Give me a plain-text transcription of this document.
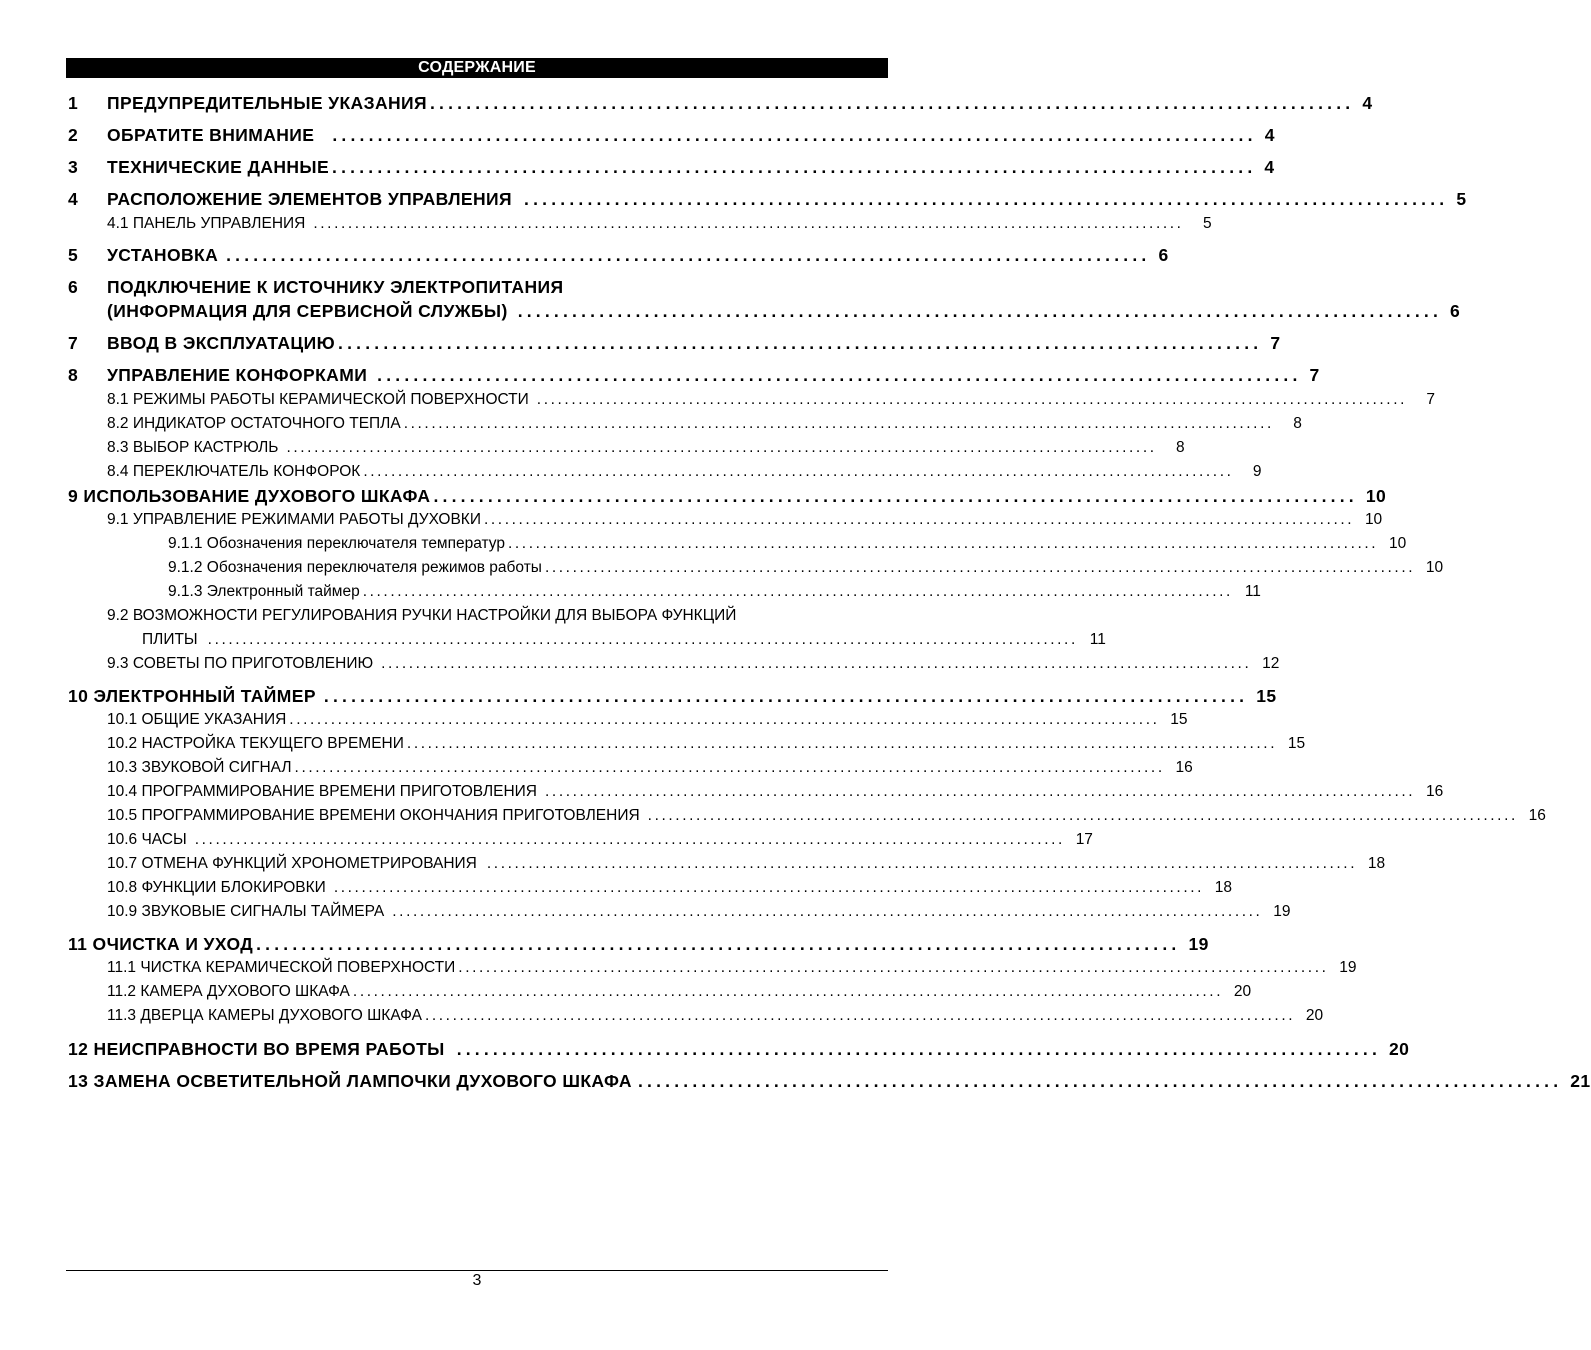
СОДЕРЖАНИЕ
1	ПРЕДУПРЕДИТЕЛЬНЫЕ УКАЗАНИЯ ...................................................................................................... 4
2	ОБРАТИТЕ ВНИМАНИЕ	...................................................................................................... 4
3	ТЕХНИЧЕСКИЕ ДАННЫЕ ...................................................................................................... 4
4	РАСПОЛОЖЕНИЕ ЭЛЕМЕНТОВ УПРАВЛЕНИЯ ...................................................................................................... 5
4.1 ПАНЕЛЬ УПРАВЛЕНИЯ ..............................................................................................................................	5
5	УСТАНОВКА ...................................................................................................... 6
6	ПОДКЛЮЧЕНИЕ К ИСТОЧНИКУ ЭЛЕКТРОПИТАНИЯ
(ИНФОРМАЦИЯ ДЛЯ СЕРВИСНОЙ СЛУЖБЫ) ...................................................................................................... 6
7	ВВОД В ЭКСПЛУАТАЦИЮ ...................................................................................................... 7
8	УПРАВЛЕНИЕ КОНФОРКАМИ ...................................................................................................... 7
8.1 РЕЖИМЫ РАБОТЫ КЕРАМИЧЕСКОЙ ПОВЕРХНОСТИ ..............................................................................................................................	7
8.2 ИНДИКАТОР ОСТАТОЧНОГО ТЕПЛА ..............................................................................................................................	8
8.3 ВЫБОР КАСТРЮЛЬ ..............................................................................................................................	8
8.4 ПЕРЕКЛЮЧАТЕЛЬ КОНФОРОК ..............................................................................................................................	9
9 ИСПОЛЬЗОВАНИЕ ДУХОВОГО ШКАФА ...................................................................................................... 10
9.1 УПРАВЛЕНИЕ РЕЖИМАМИ РАБОТЫ ДУХОВКИ .............................................................................................................................. 10
9.1.1 Обозначения переключателя температур .............................................................................................................................. 10
9.1.2 Обозначения переключателя режимов работы .............................................................................................................................. 10
9.1.3 Электронный таймер .............................................................................................................................. 11
9.2 ВОЗМОЖНОСТИ РЕГУЛИРОВАНИЯ РУЧКИ НАСТРОЙКИ ДЛЯ ВЫБОРА ФУНКЦИЙ
ПЛИТЫ .............................................................................................................................. 11
9.3 СОВЕТЫ ПО ПРИГОТОВЛЕНИЮ .............................................................................................................................. 12
10 ЭЛЕКТРОННЫЙ ТАЙМЕР ...................................................................................................... 15
10.1 ОБЩИЕ УКАЗАНИЯ .............................................................................................................................. 15
10.2 НАСТРОЙКА ТЕКУЩЕГО ВРЕМЕНИ .............................................................................................................................. 15
10.3 ЗВУКОВОЙ СИГНАЛ .............................................................................................................................. 16
10.4 ПРОГРАММИРОВАНИЕ ВРЕМЕНИ ПРИГОТОВЛЕНИЯ .............................................................................................................................. 16
10.5 ПРОГРАММИРОВАНИЕ ВРЕМЕНИ ОКОНЧАНИЯ ПРИГОТОВЛЕНИЯ .............................................................................................................................. 16
10.6 ЧАСЫ .............................................................................................................................. 17
10.7 ОТМЕНА ФУНКЦИЙ ХРОНОМЕТРИРОВАНИЯ .............................................................................................................................. 18
10.8 ФУНКЦИИ БЛОКИРОВКИ .............................................................................................................................. 18
10.9 ЗВУКОВЫЕ СИГНАЛЫ ТАЙМЕРА .............................................................................................................................. 19
11 ОЧИСТКА И УХОД ...................................................................................................... 19
11.1 ЧИСТКА КЕРАМИЧЕСКОЙ ПОВЕРХНОСТИ .............................................................................................................................. 19
11.2 КАМЕРА ДУХОВОГО ШКАФА .............................................................................................................................. 20
11.3 ДВЕРЦА КАМЕРЫ ДУХОВОГО ШКАФА .............................................................................................................................. 20
12 НЕИСПРАВНОСТИ ВО ВРЕМЯ РАБОТЫ ...................................................................................................... 20
13 ЗАМЕНА ОСВЕТИТЕЛЬНОЙ ЛАМПОЧКИ ДУХОВОГО ШКАФА ...................................................................................................... 21
3
